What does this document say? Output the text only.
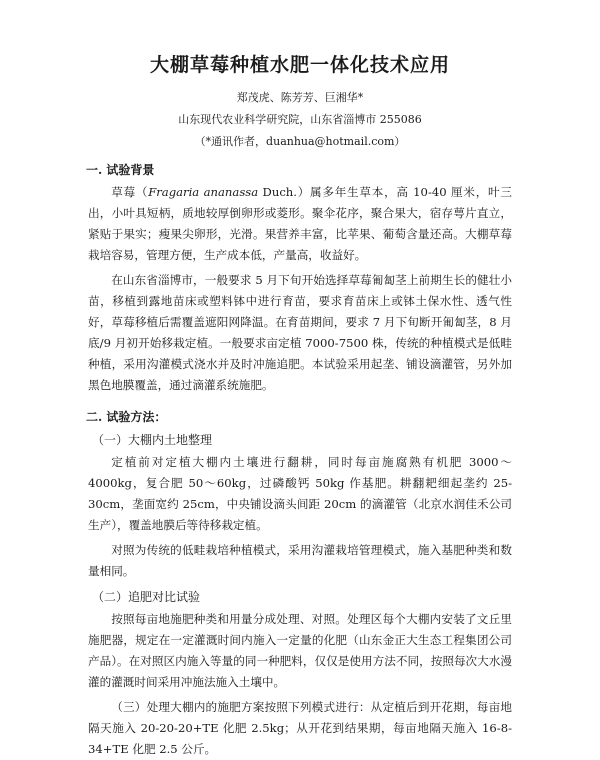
大棚草莓种植水肥一体化技术应用

郑茂虎、陈芳芳、巨湘华*

山东现代农业科学研究院，山东省淄博市 255086

（*通讯作者，duanhua@hotmail.com）

一. 试验背景

草莓（Fragaria ananassa Duch.）属多年生草本，高 10-40 厘米，叶三出，小叶具短柄，质地较厚倒卵形或菱形。聚伞花序，聚合果大，宿存萼片直立，紧贴于果实；瘦果尖卵形，光滑。果营养丰富，比苹果、葡萄含量还高。大棚草莓栽培容易，管理方便，生产成本低，产量高，收益好。

在山东省淄博市，一般要求 5 月下旬开始选择草莓匍匐茎上前期生长的健壮小苗，移植到露地苗床或塑料钵中进行育苗，要求育苗床上或钵土保水性、透气性好，草莓移植后需覆盖遮阳网降温。在育苗期间，要求 7 月下旬断开匍匐茎，8 月底/9 月初开始移栽定植。一般要求亩定植 7000-7500 株，传统的种植模式是低畦种植，采用沟灌模式浇水并及时冲施追肥。本试验采用起垄、铺设滴灌管，另外加黑色地膜覆盖，通过滴灌系统施肥。

二. 试验方法：
（一）大棚内土地整理

定植前对定植大棚内土壤进行翻耕，同时每亩施腐熟有机肥 3000～4000kg，复合肥 50～60kg，过磷酸钙 50kg 作基肥。耕翻耙细起垄约 25-30cm，垄面宽约 25cm，中央铺设滴头间距 20cm 的滴灌管（北京水润佳禾公司生产），覆盖地膜后等待移栽定植。

对照为传统的低畦栽培种植模式，采用沟灌栽培管理模式，施入基肥种类和数量相同。

（二）追肥对比试验

按照每亩地施肥种类和用量分成处理、对照。处理区每个大棚内安装了文丘里施肥器，规定在一定灌溉时间内施入一定量的化肥（山东金正大生态工程集团公司产品）。在对照区内施入等量的同一种肥料，仅仅是使用方法不同，按照每次大水漫灌的灌溉时间采用冲施法施入土壤中。

（三）处理大棚内的施肥方案按照下列模式进行：从定植后到开花期，每亩地隔天施入 20-20-20+TE 化肥 2.5kg；从开花到结果期，每亩地隔天施入 16-8-34+TE 化肥 2.5 公斤。
